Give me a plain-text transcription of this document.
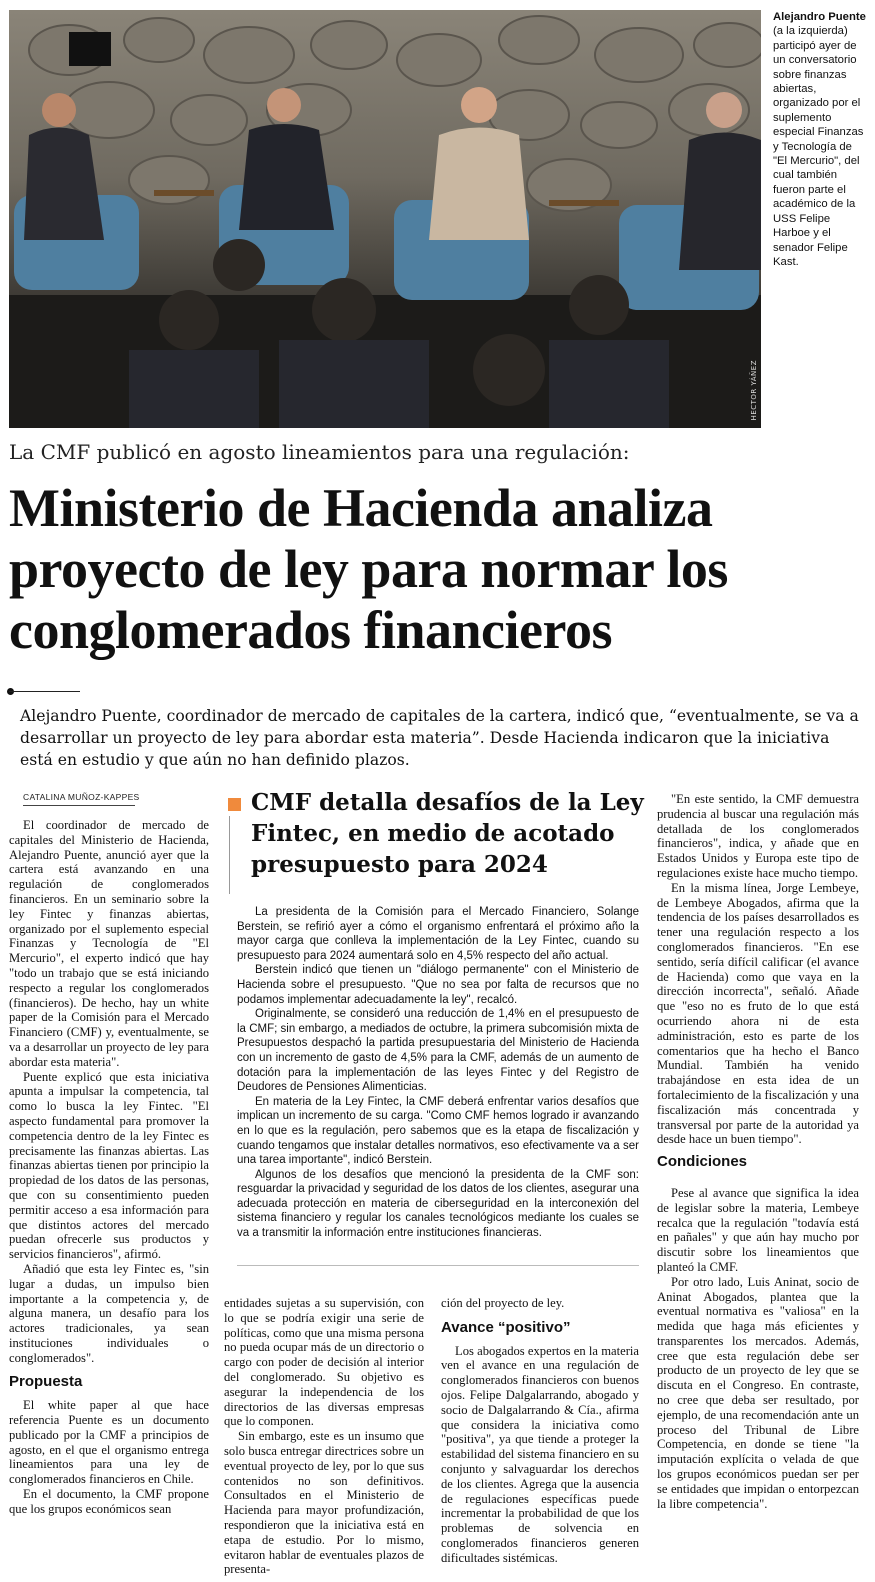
HECTOR YÁÑEZ
Alejandro Puente (a la izquierda) participó ayer de un conversatorio sobre finanzas abiertas, organizado por el suplemento especial Finanzas y Tecnología de "El Mercurio", del cual también fueron parte el académico de la USS Felipe Harboe y el senador Felipe Kast.
La CMF publicó en agosto lineamientos para una regulación:
Ministerio de Hacienda analiza proyecto de ley para normar los conglomerados financieros

Alejandro Puente, coordinador de mercado de capitales de la cartera, indicó que, “eventualmente, se va a desarrollar un proyecto de ley para abordar esta materia”. Desde Hacienda indicaron que la iniciativa está en estudio y que aún no han definido plazos.

CATALINA MUÑOZ-KAPPES

El coordinador de mercado de capitales del Ministerio de Hacienda, Alejandro Puente, anunció ayer que la cartera está avanzando en una regulación de conglomerados financieros. En un seminario sobre la ley Fintec y finanzas abiertas, organizado por el suplemento especial Finanzas y Tecnología de "El Mercurio", el experto indicó que hay "todo un trabajo que se está iniciando respecto a regular los conglomerados (financieros). De hecho, hay un white paper de la Comisión para el Mercado Financiero (CMF) y, eventualmente, se va a desarrollar un proyecto de ley para abordar esta materia".

Puente explicó que esta iniciativa apunta a impulsar la competencia, tal como lo busca la ley Fintec. "El aspecto fundamental para promover la competencia dentro de la ley Fintec es precisamente las finanzas abiertas. Las finanzas abiertas tienen por principio la propiedad de los datos de las personas, que con su consentimiento pueden permitir acceso a esa información para que distintos actores del mercado puedan ofrecerle sus productos y servicios financieros", afirmó.

Añadió que esta ley Fintec es, "sin lugar a dudas, un impulso bien importante a la competencia y, de alguna manera, un desafío para los actores tradicionales, ya sean instituciones individuales o conglomerados".

Propuesta

El white paper al que hace referencia Puente es un documento publicado por la CMF a principios de agosto, en el que el organismo entrega lineamientos para una ley de conglomerados financieros en Chile.

En el documento, la CMF propone que los grupos económicos sean

CMF detalla desafíos de la Ley Fintec, en medio de acotado presupuesto para 2024

La presidenta de la Comisión para el Mercado Financiero, Solange Berstein, se refirió ayer a cómo el organismo enfrentará el próximo año la mayor carga que conlleva la implementación de la Ley Fintec, cuando su presupuesto para 2024 aumentará solo en 4,5% respecto del año actual.

Berstein indicó que tienen un "diálogo permanente" con el Ministerio de Hacienda sobre el presupuesto. "Que no sea por falta de recursos que no podamos implementar adecuadamente la ley", recalcó.

Originalmente, se consideró una reducción de 1,4% en el presupuesto de la CMF; sin embargo, a mediados de octubre, la primera subcomisión mixta de Presupuestos despachó la partida presupuestaria del Ministerio de Hacienda con un incremento de gasto de 4,5% para la CMF, además de un aumento de dotación para la implementación de las leyes Fintec y del Registro de Deudores de Pensiones Alimenticias.

En materia de la Ley Fintec, la CMF deberá enfrentar varios desafíos que implican un incremento de su carga. "Como CMF hemos logrado ir avanzando en lo que es la regulación, pero sabemos que es la etapa de fiscalización y cuando tengamos que instalar detalles normativos, eso efectivamente va a ser una tarea importante", indicó Berstein.

Algunos de los desafíos que mencionó la presidenta de la CMF son: resguardar la privacidad y seguridad de los datos de los clientes, asegurar una adecuada protección en materia de ciberseguridad en la interconexión del sistema financiero y regular los canales tecnológicos mediante los cuales se va a transmitir la información entre instituciones financieras.

entidades sujetas a su supervisión, con lo que se podría exigir una serie de políticas, como que una misma persona no pueda ocupar más de un directorio o cargo con poder de decisión al interior del conglomerado. Su objetivo es asegurar la independencia de los directorios de las diversas empresas que lo componen.

Sin embargo, este es un insumo que solo busca entregar directrices sobre un eventual proyecto de ley, por lo que sus contenidos no son definitivos. Consultados en el Ministerio de Hacienda para mayor profundización, respondieron que la iniciativa está en etapa de estudio. Por lo mismo, evitaron hablar de eventuales plazos de presenta-

ción del proyecto de ley.

Avance “positivo”

Los abogados expertos en la materia ven el avance en una regulación de conglomerados financieros con buenos ojos. Felipe Dalgalarrando, abogado y socio de Dalgalarrando & Cía., afirma que considera la iniciativa como "positiva", ya que tiende a proteger la estabilidad del sistema financiero en su conjunto y salvaguardar los derechos de los clientes. Agrega que la ausencia de regulaciones específicas puede incrementar la probabilidad de que los problemas de solvencia en conglomerados financieros generen dificultades sistémicas.

"En este sentido, la CMF demuestra prudencia al buscar una regulación más detallada de los conglomerados financieros", indica, y añade que en Estados Unidos y Europa este tipo de regulaciones existe hace mucho tiempo.

En la misma línea, Jorge Lembeye, de Lembeye Abogados, afirma que la tendencia de los países desarrollados es tener una regulación respecto a los conglomerados financieros. "En ese sentido, sería difícil calificar (el avance de Hacienda) como que vaya en la dirección incorrecta", señaló. Añade que "eso no es fruto de lo que está ocurriendo ahora ni de esta administración, esto es parte de los comentarios que ha hecho el Banco Mundial. También ha venido trabajándose en esta idea de un fortalecimiento de la fiscalización y una fiscalización más concentrada y transversal por parte de la autoridad ya desde hace un buen tiempo".

Condiciones

Pese al avance que significa la idea de legislar sobre la materia, Lembeye recalca que la regulación "todavía está en pañales" y que aún hay mucho por discutir sobre los lineamientos que planteó la CMF.

Por otro lado, Luis Aninat, socio de Aninat Abogados, plantea que la eventual normativa es "valiosa" en la medida que haga más eficientes y transparentes los mercados. Además, cree que esta regulación debe ser producto de un proyecto de ley que se discuta en el Congreso. En contraste, no cree que deba ser resultado, por ejemplo, de una recomendación ante un proceso del Tribunal de Libre Competencia, en donde se tiene "la imputación explícita o velada de que los grupos económicos puedan ser per se entidades que impidan o entorpezcan la libre competencia".
